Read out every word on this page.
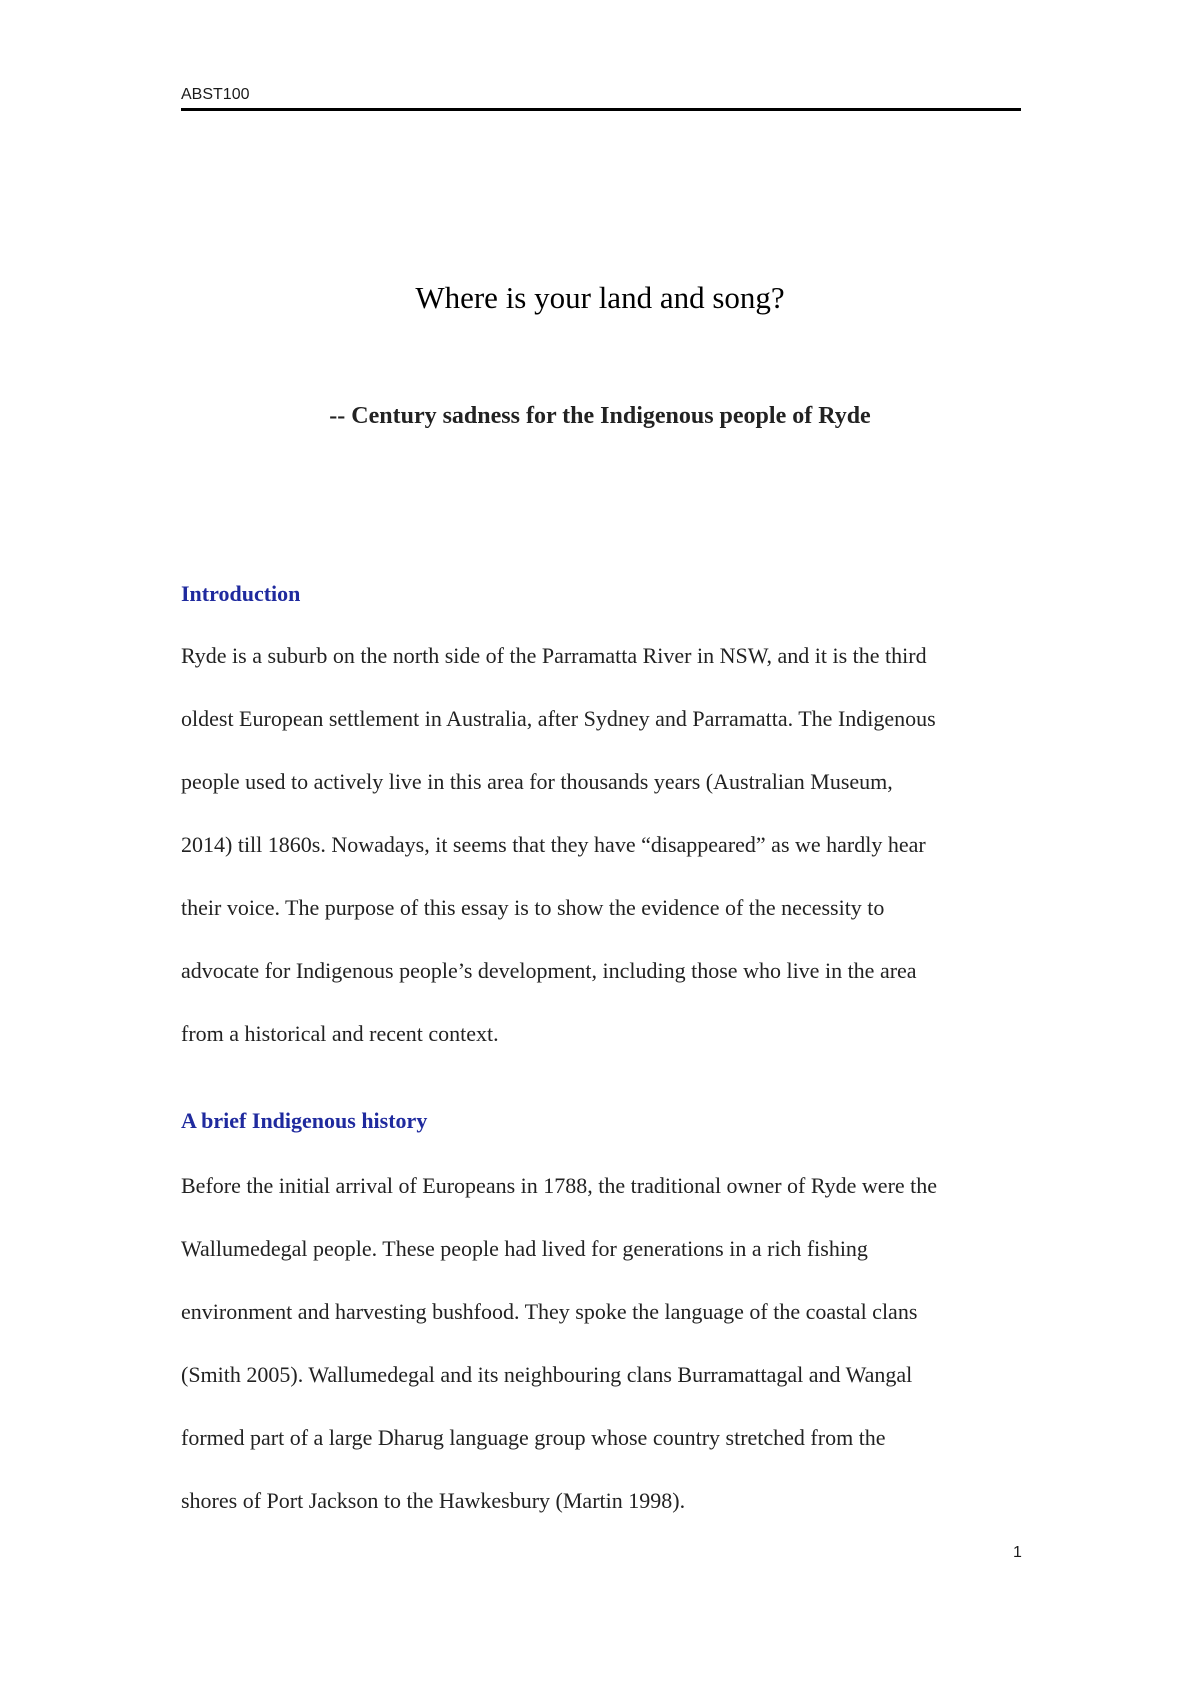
ABST100
Where is your land and song?
-- Century sadness for the Indigenous people of Ryde
Introduction
Ryde is a suburb on the north side of the Parramatta River in NSW, and it is the third
oldest European settlement in Australia, after Sydney and Parramatta. The Indigenous
people used to actively live in this area for thousands years (Australian Museum,
2014) till 1860s. Nowadays, it seems that they have “disappeared” as we hardly hear
their voice. The purpose of this essay is to show the evidence of the necessity to
advocate for Indigenous people’s development, including those who live in the area
from a historical and recent context.
A brief Indigenous history
Before the initial arrival of Europeans in 1788, the traditional owner of Ryde were the
Wallumedegal people. These people had lived for generations in a rich fishing
environment and harvesting bushfood. They spoke the language of the coastal clans
(Smith 2005). Wallumedegal and its neighbouring clans Burramattagal and Wangal
formed part of a large Dharug language group whose country stretched from the
shores of Port Jackson to the Hawkesbury (Martin 1998).
1
